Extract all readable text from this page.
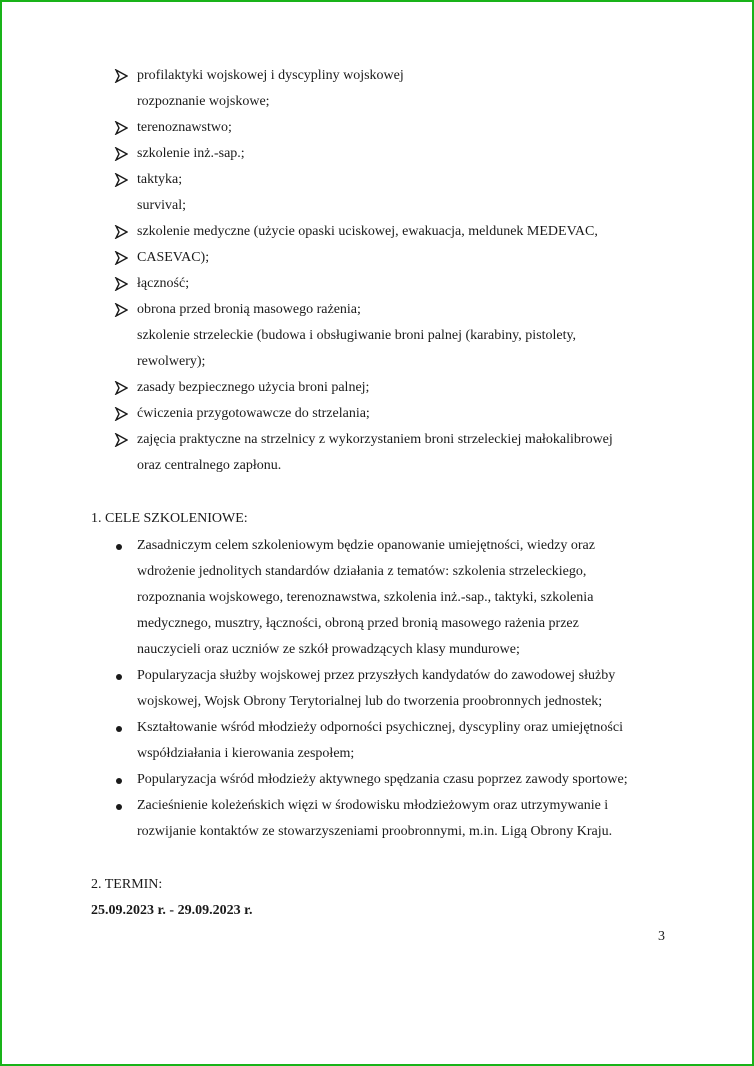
profilaktyki wojskowej i dyscypliny wojskowej
rozpoznanie wojskowe;
terenoznawstwo;
szkolenie inż.-sap.;
taktyka;
survival;
szkolenie medyczne (użycie opaski uciskowej, ewakuacja, meldunek MEDEVAC,
CASEVAC);
łączność;
obrona przed bronią masowego rażenia;
szkolenie strzeleckie (budowa i obsługiwanie broni palnej (karabiny, pistolety,
rewolwery);
zasady bezpiecznego użycia broni palnej;
ćwiczenia przygotowawcze do strzelania;
zajęcia praktyczne na strzelnicy z wykorzystaniem broni strzeleckiej małokalibrowej
oraz centralnego zapłonu.
1. CELE SZKOLENIOWE:
Zasadniczym celem szkoleniowym będzie opanowanie umiejętności, wiedzy oraz
wdrożenie jednolitych standardów działania z tematów: szkolenia strzeleckiego,
rozpoznania wojskowego, terenoznawstwa, szkolenia inż.-sap., taktyki, szkolenia
medycznego, musztry, łączności, obroną przed bronią masowego rażenia przez
nauczycieli oraz uczniów ze szkół prowadzących klasy mundurowe;
Popularyzacja służby wojskowej przez przyszłych kandydatów do zawodowej służby
wojskowej, Wojsk Obrony Terytorialnej lub do tworzenia proobronnych jednostek;
Kształtowanie wśród młodzieży odporności psychicznej, dyscypliny oraz umiejętności
współdziałania i kierowania zespołem;
Popularyzacja wśród młodzieży aktywnego spędzania czasu poprzez zawody sportowe;
Zacieśnienie koleżeńskich więzi w środowisku młodzieżowym oraz utrzymywanie i
rozwijanie kontaktów ze stowarzyszeniami proobronnymi, m.in. Ligą Obrony Kraju.
2. TERMIN:
25.09.2023 r. - 29.09.2023 r.
3
